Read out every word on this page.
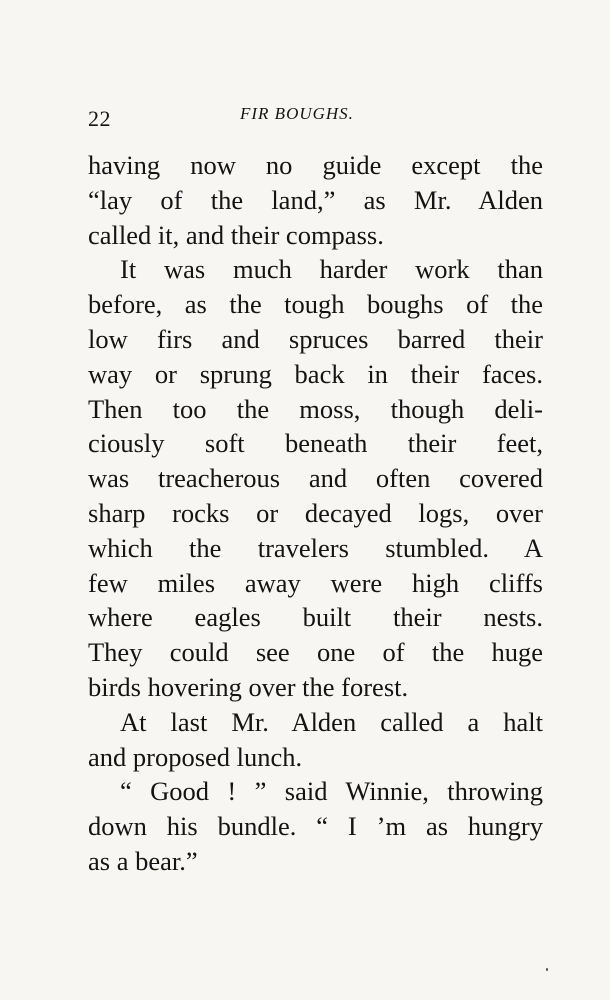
22	FIR BOUGHS.
having now no guide except the
“lay of the land,” as Mr. Alden
called it, and their compass.
It was much harder work than
before, as the tough boughs of the
low firs and spruces barred their
way or sprung back in their faces.
Then too the moss, though deli-
ciously soft beneath their feet,
was treacherous and often covered
sharp rocks or decayed logs, over
which the travelers stumbled. A
few miles away were high cliffs
where eagles built their nests.
They could see one of the huge
birds hovering over the forest.
At last Mr. Alden called a halt
and proposed lunch.
“ Good ! ” said Winnie, throwing
down his bundle. “ I ’m as hungry
as a bear.”
